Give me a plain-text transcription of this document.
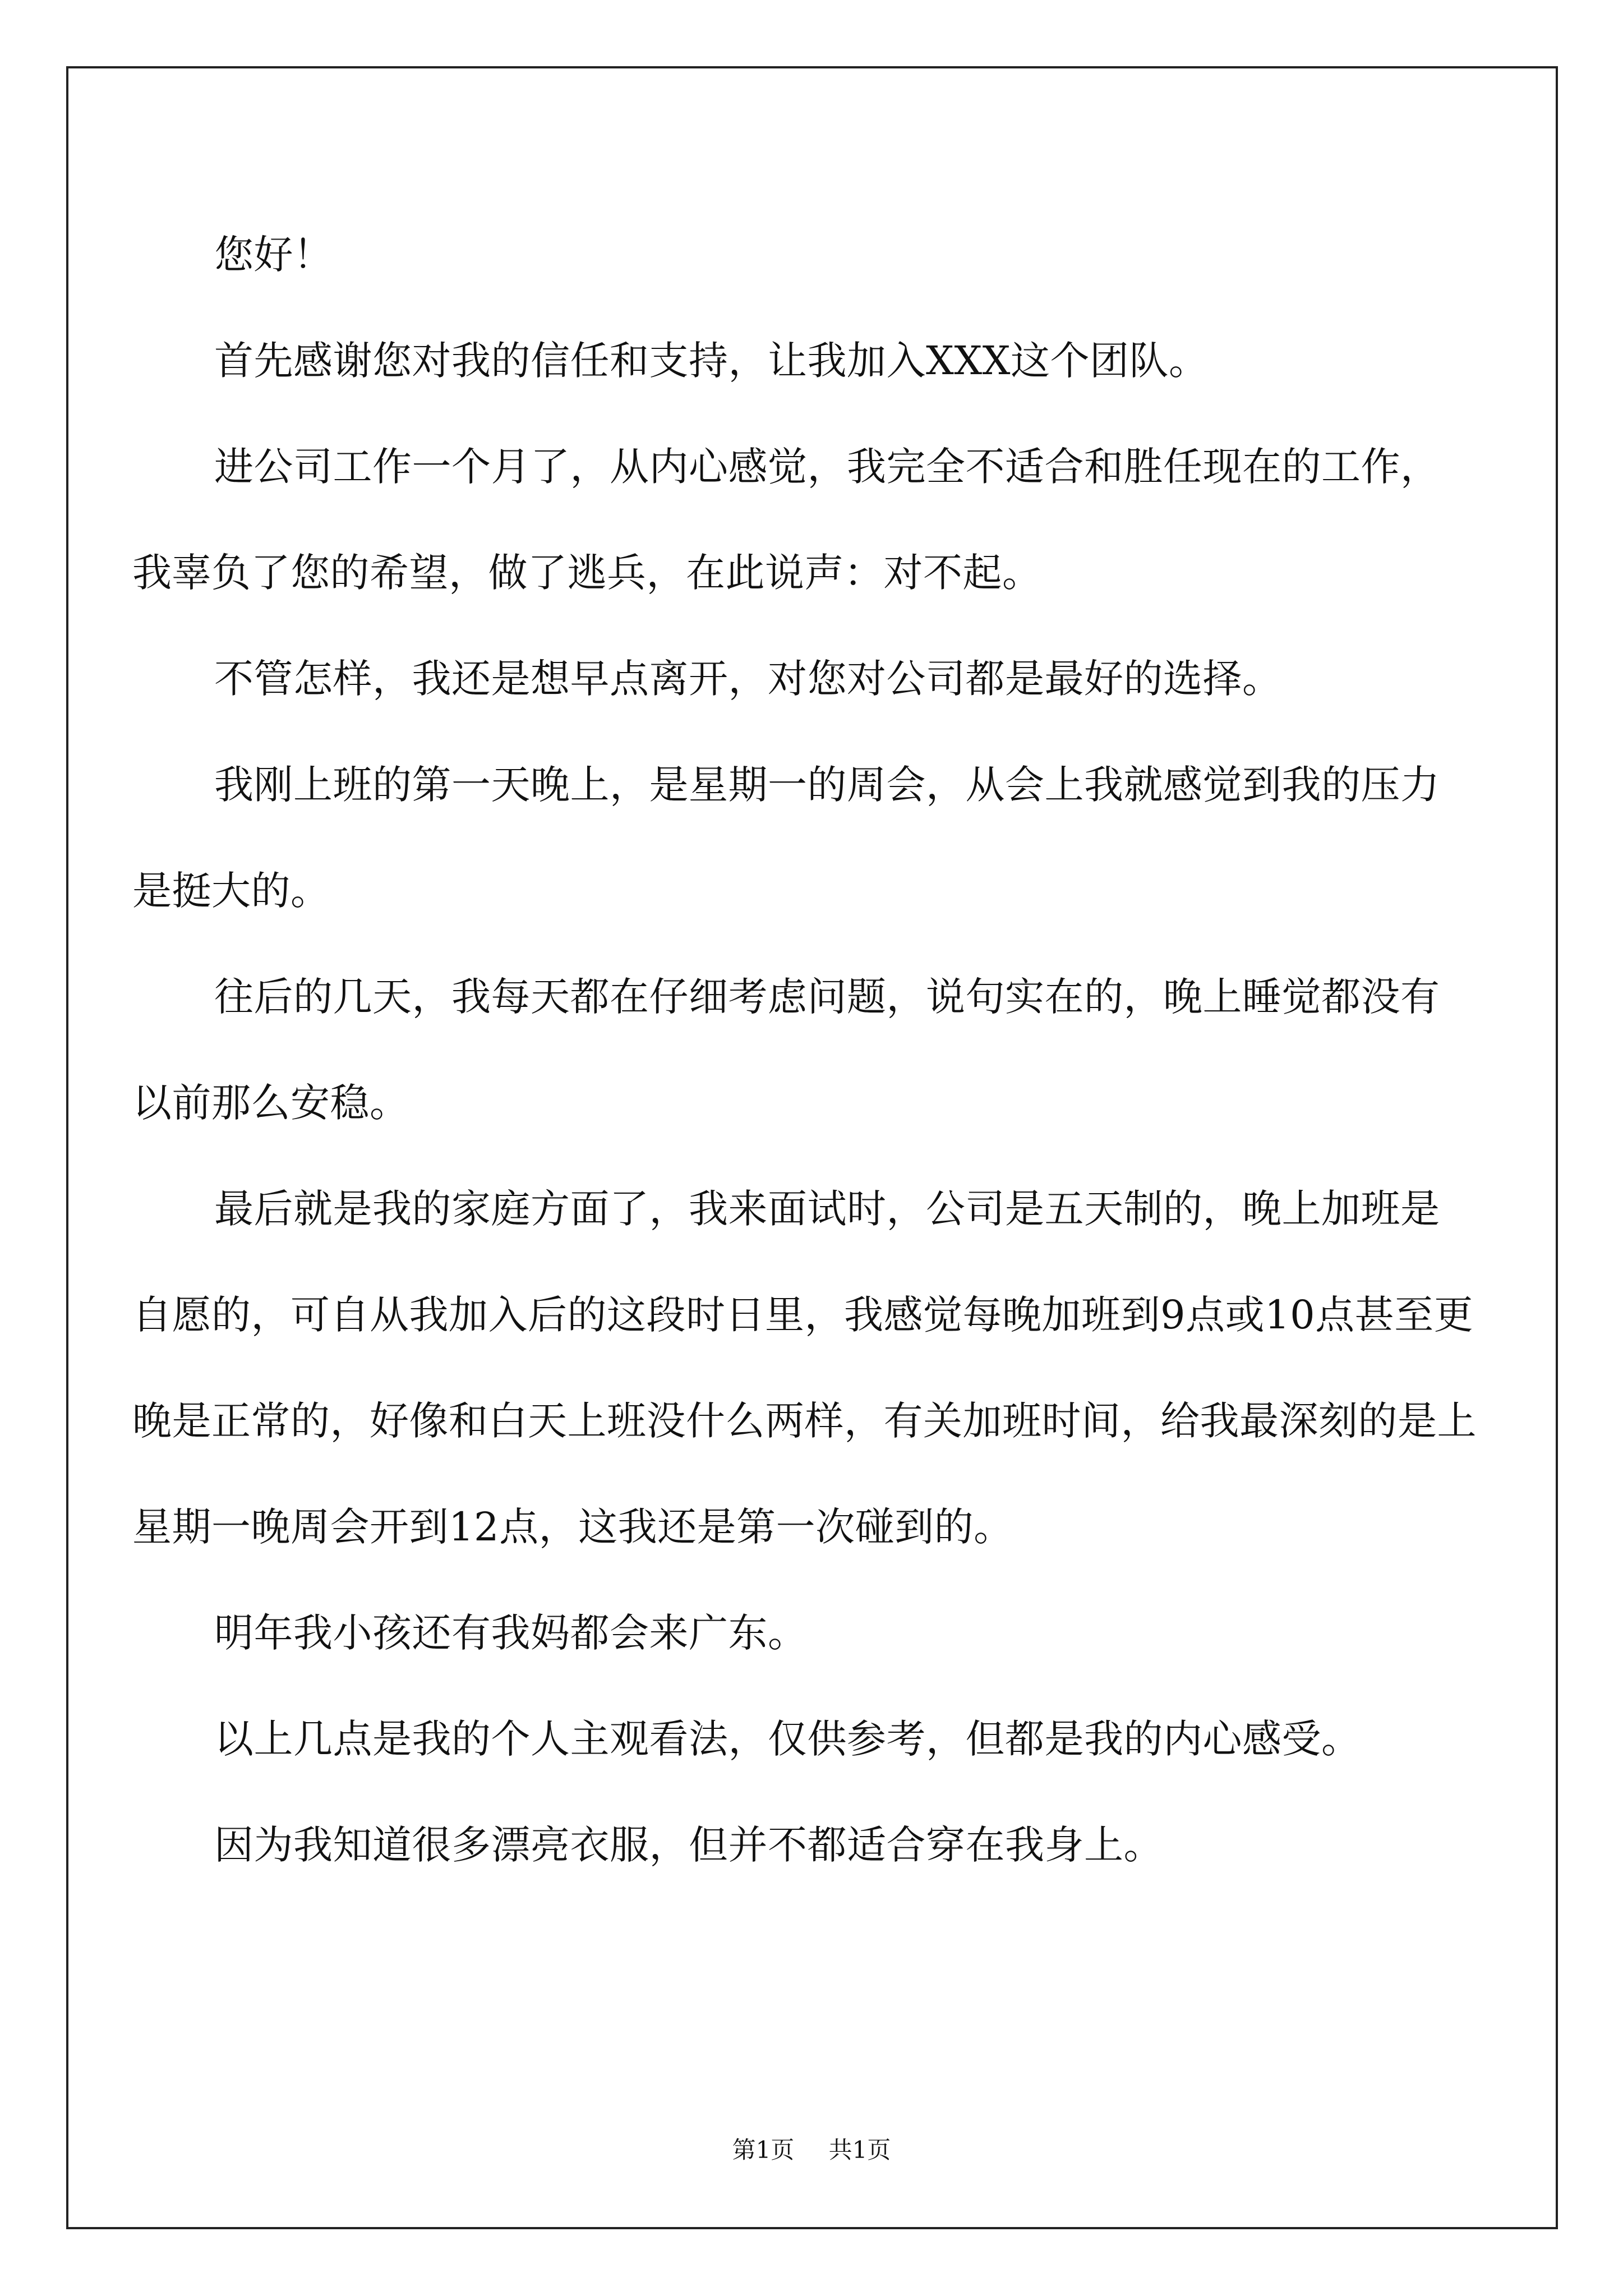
您好！

首先感谢您对我的信任和支持，让我加入XXX这个团队。

进公司工作一个月了，从内心感觉，我完全不适合和胜任现在的工作，我辜负了您的希望，做了逃兵，在此说声：对不起。

不管怎样，我还是想早点离开，对您对公司都是最好的选择。

我刚上班的第一天晚上，是星期一的周会，从会上我就感觉到我的压力是挺大的。

往后的几天，我每天都在仔细考虑问题，说句实在的，晚上睡觉都没有以前那么安稳。

最后就是我的家庭方面了，我来面试时，公司是五天制的，晚上加班是自愿的，可自从我加入后的这段时日里，我感觉每晚加班到9点或10点甚至更晚是正常的，好像和白天上班没什么两样，有关加班时间，给我最深刻的是上星期一晚周会开到12点，这我还是第一次碰到的。

明年我小孩还有我妈都会来广东。

以上几点是我的个人主观看法，仅供参考，但都是我的内心感受。

因为我知道很多漂亮衣服，但并不都适合穿在我身上。

第1页 共1页
